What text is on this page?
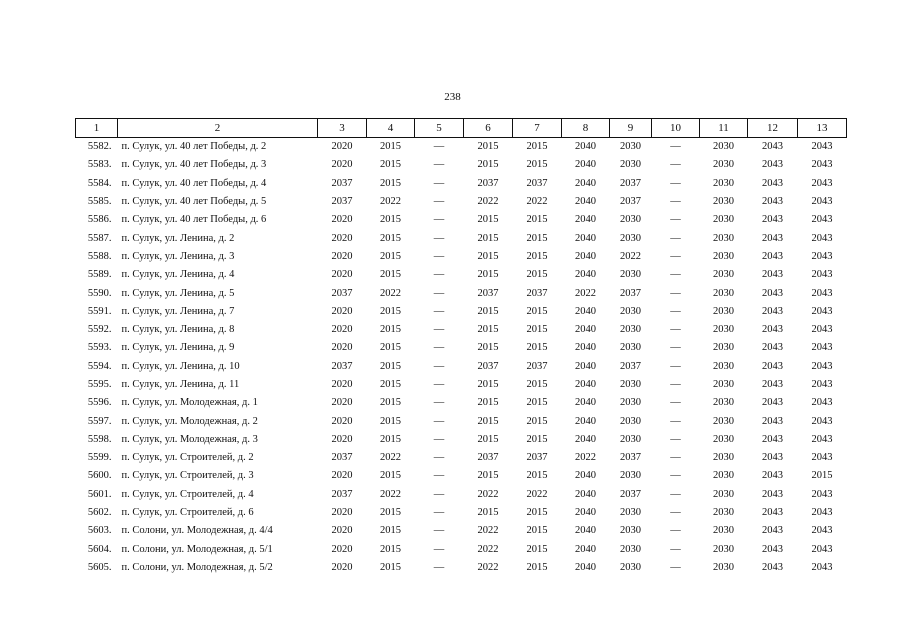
238
1	2	3	4	5	6	7	8	9	10	11	12	13
5582.	п. Сулук, ул. 40 лет Победы, д. 2	2020	2015	—	2015	2015	2040	2030	—	2030	2043	2043
5583.	п. Сулук, ул. 40 лет Победы, д. 3	2020	2015	—	2015	2015	2040	2030	—	2030	2043	2043
5584.	п. Сулук, ул. 40 лет Победы, д. 4	2037	2015	—	2037	2037	2040	2037	—	2030	2043	2043
5585.	п. Сулук, ул. 40 лет Победы, д. 5	2037	2022	—	2022	2022	2040	2037	—	2030	2043	2043
5586.	п. Сулук, ул. 40 лет Победы, д. 6	2020	2015	—	2015	2015	2040	2030	—	2030	2043	2043
5587.	п. Сулук, ул. Ленина, д. 2	2020	2015	—	2015	2015	2040	2030	—	2030	2043	2043
5588.	п. Сулук, ул. Ленина, д. 3	2020	2015	—	2015	2015	2040	2022	—	2030	2043	2043
5589.	п. Сулук, ул. Ленина, д. 4	2020	2015	—	2015	2015	2040	2030	—	2030	2043	2043
5590.	п. Сулук, ул. Ленина, д. 5	2037	2022	—	2037	2037	2022	2037	—	2030	2043	2043
5591.	п. Сулук, ул. Ленина, д. 7	2020	2015	—	2015	2015	2040	2030	—	2030	2043	2043
5592.	п. Сулук, ул. Ленина, д. 8	2020	2015	—	2015	2015	2040	2030	—	2030	2043	2043
5593.	п. Сулук, ул. Ленина, д. 9	2020	2015	—	2015	2015	2040	2030	—	2030	2043	2043
5594.	п. Сулук, ул. Ленина, д. 10	2037	2015	—	2037	2037	2040	2037	—	2030	2043	2043
5595.	п. Сулук, ул. Ленина, д. 11	2020	2015	—	2015	2015	2040	2030	—	2030	2043	2043
5596.	п. Сулук, ул. Молодежная, д. 1	2020	2015	—	2015	2015	2040	2030	—	2030	2043	2043
5597.	п. Сулук, ул. Молодежная, д. 2	2020	2015	—	2015	2015	2040	2030	—	2030	2043	2043
5598.	п. Сулук, ул. Молодежная, д. 3	2020	2015	—	2015	2015	2040	2030	—	2030	2043	2043
5599.	п. Сулук, ул. Строителей, д. 2	2037	2022	—	2037	2037	2022	2037	—	2030	2043	2043
5600.	п. Сулук, ул. Строителей, д. 3	2020	2015	—	2015	2015	2040	2030	—	2030	2043	2015
5601.	п. Сулук, ул. Строителей, д. 4	2037	2022	—	2022	2022	2040	2037	—	2030	2043	2043
5602.	п. Сулук, ул. Строителей, д. 6	2020	2015	—	2015	2015	2040	2030	—	2030	2043	2043
5603.	п. Солони, ул. Молодежная, д. 4/4	2020	2015	—	2022	2015	2040	2030	—	2030	2043	2043
5604.	п. Солони, ул. Молодежная, д. 5/1	2020	2015	—	2022	2015	2040	2030	—	2030	2043	2043
5605.	п. Солони, ул. Молодежная, д. 5/2	2020	2015	—	2022	2015	2040	2030	—	2030	2043	2043
